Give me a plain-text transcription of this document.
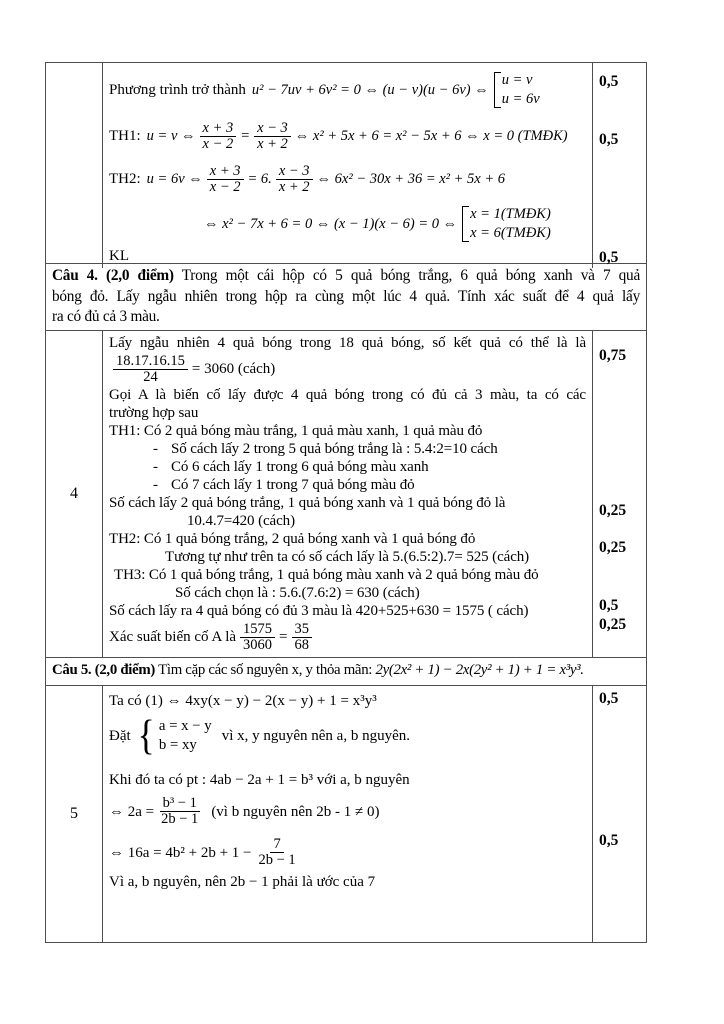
Phương trình trở thành u² − 7uv + 6v² = 0 ⇔ (u − v)(u − 6v) ⇔
u = v
u = 6v
TH1: u = v ⇔ $\frac{x + 3}{x - 2} = \frac{x - 3}{x + 2}$ ⇔ x² + 5x + 6 = x² − 5x + 6 ⇔ x = 0 (TMĐK)
TH2: u = 6v ⇔ $\frac{x + 3}{x - 2} = 6$. $\frac{x - 3}{x + 2}$ ⇔ 6x² − 30x + 36 = x² + 5x + 6
⇔ x² − 7x + 6 = 0 ⇔ (x − 1)(x − 6) = 0 ⇔
x = 1(TMĐK)
x = 6(TMĐK)
KL
0,5
0,5
0,5
Câu 4. (2,0 điểm) Trong một cái hộp có 5 quả bóng trắng, 6 quả bóng xanh và 7 quả
bóng đỏ. Lấy ngẫu nhiên trong hộp ra cùng một lúc 4 quả. Tính xác suất để 4 quả lấy
ra có đủ cả 3 màu.
4
Lấy ngẫu nhiên 4 quả bóng trong 18 quả bóng, số kết quả có thể là là
$\frac{18.17.16.15}{24} = 3060$ (cách)
Gọi A là biến cố lấy được 4 quả bóng trong có đủ cả 3 màu, ta có các
trường hợp sau
TH1: Có 2 quả bóng màu trắng, 1 quả màu xanh, 1 quả màu đỏ
- Số cách lấy 2 trong 5 quả bóng trắng là : 5.4:2=10 cách
- Có 6 cách lấy 1 trong 6 quả bóng màu xanh
- Có 7 cách lấy 1 trong 7 quả bóng màu đỏ
Số cách lấy 2 quả bóng trắng, 1 quả bóng xanh và 1 quả bóng đỏ là
10.4.7=420 (cách)
TH2: Có 1 quả bóng trắng, 2 quả bóng xanh và 1 quả bóng đỏ
Tương tự như trên ta có số cách lấy là 5.(6.5:2).7= 525 (cách)
TH3: Có 1 quả bóng trắng, 1 quả bóng màu xanh và 2 quả bóng màu đỏ
Số cách chọn là : 5.6.(7.6:2) = 630 (cách)
Số cách lấy ra 4 quả bóng có đủ 3 màu là 420+525+630 = 1575 ( cách)
Xác suất biến cố A là $\frac{1575}{3060} = \frac{35}{68}$
0,75
0,25
0,25
0,5
0,25
Câu 5. (2,0 điểm) Tìm cặp các số nguyên x, y thỏa mãn: 2y(2x² + 1) − 2x(2y² + 1) + 1 = x³y³.
5
Ta có (1) ⇔ 4xy(x − y) − 2(x − y) + 1 = x³y³
Đặt { a = x − y
b = xy
vì x, y nguyên nên a, b nguyên.
Khi đó ta có pt : 4ab − 2a + 1 = b³ với a, b nguyên
⇔ $2a = \frac{\text{b³ − 1}}{2b - 1}$ (vì b nguyên nên 2b - 1 ≠ 0)
⇔ $16a = 4b^2 + 2b + 1 - \frac{7}{2b - 1}$
Vì a, b nguyên, nên 2b − 1 phải là ước của 7
0,5
0,5
